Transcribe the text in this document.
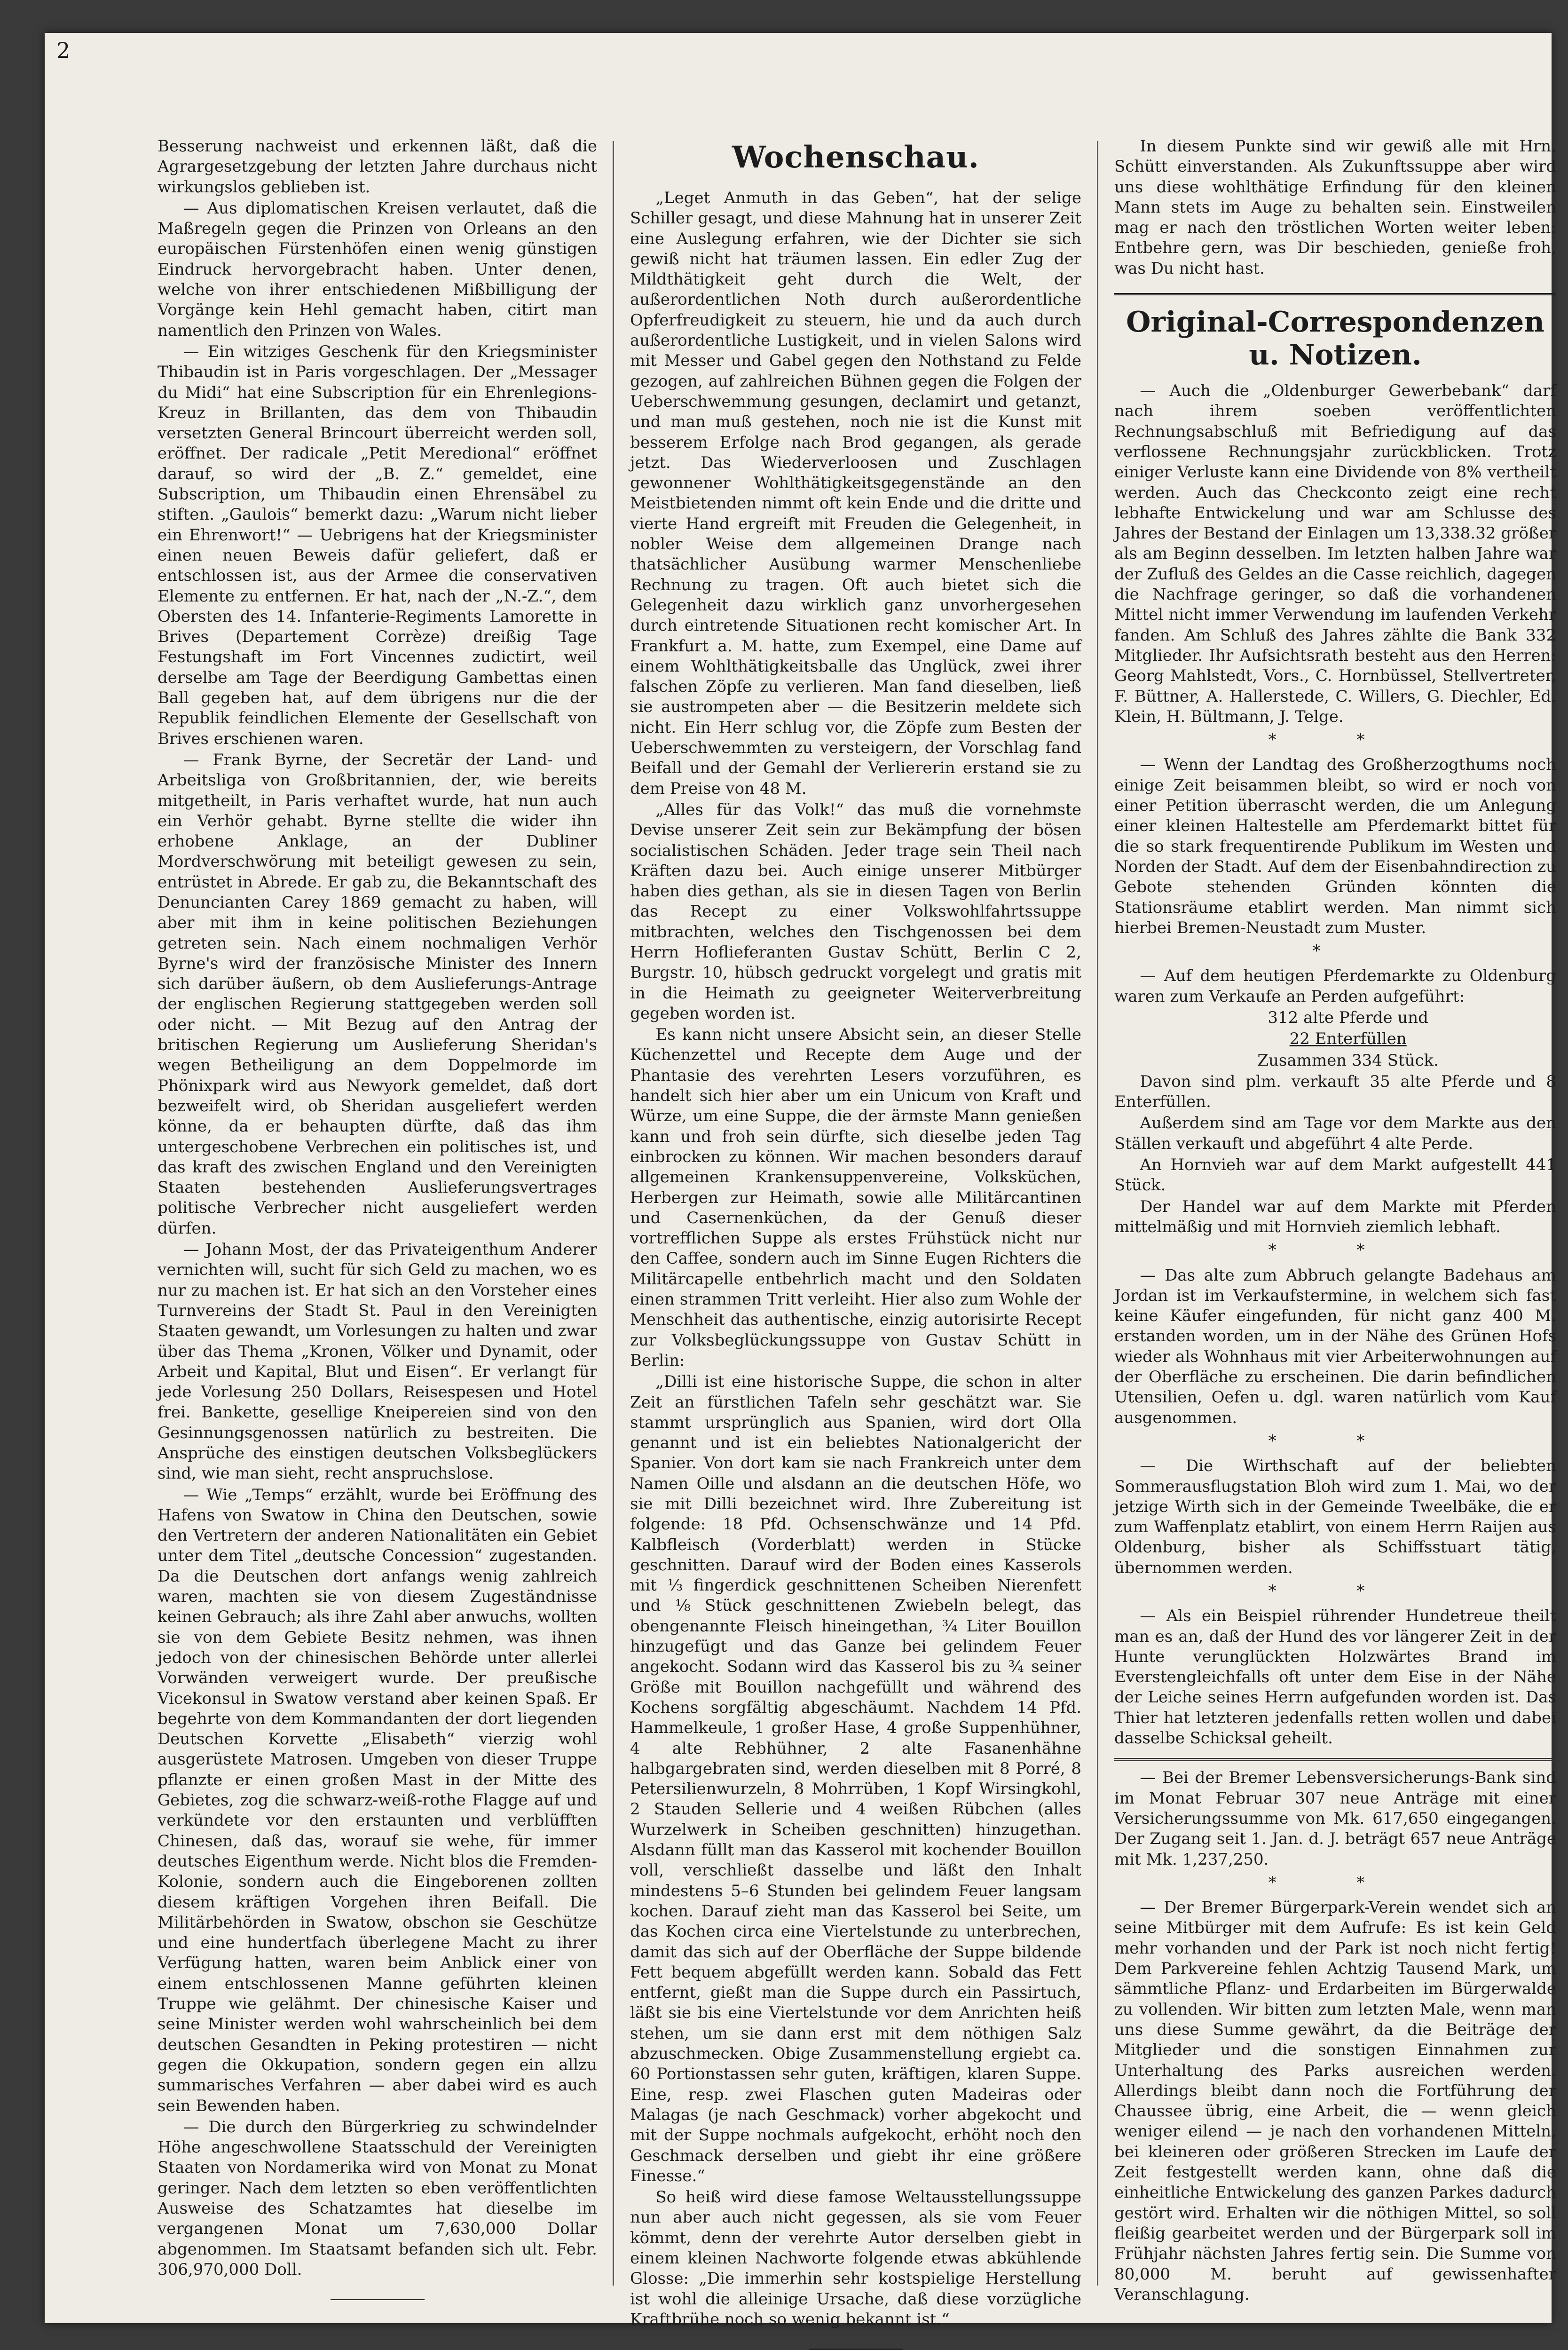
2

Besserung nachweist und erkennen läßt, daß die Agrargesetzgebung der letzten Jahre durchaus nicht wirkungslos geblieben ist.

— Aus diplomatischen Kreisen verlautet, daß die Maßregeln gegen die Prinzen von Orleans an den europäischen Fürstenhöfen einen wenig günstigen Eindruck hervorgebracht haben. Unter denen, welche von ihrer entschiedenen Mißbilligung der Vorgänge kein Hehl gemacht haben, citirt man namentlich den Prinzen von Wales.

— Ein witziges Geschenk für den Kriegsminister Thibaudin ist in Paris vorgeschlagen. Der „Messager du Midi“ hat eine Subscription für ein Ehrenlegions-Kreuz in Brillanten, das dem von Thibaudin versetzten General Brincourt überreicht werden soll, eröffnet. Der radicale „Petit Meredional“ eröffnet darauf, so wird der „B. Z.“ gemeldet, eine Subscription, um Thibaudin einen Ehrensäbel zu stiften. „Gaulois“ bemerkt dazu: „Warum nicht lieber ein Ehrenwort!“ — Uebrigens hat der Kriegsminister einen neuen Beweis dafür geliefert, daß er entschlossen ist, aus der Armee die conservativen Elemente zu entfernen. Er hat, nach der „N.-Z.“, dem Obersten des 14. Infanterie-Regiments Lamorette in Brives (Departement Corrèze) dreißig Tage Festungshaft im Fort Vincennes zudictirt, weil derselbe am Tage der Beerdigung Gambettas einen Ball gegeben hat, auf dem übrigens nur die der Republik feindlichen Elemente der Gesellschaft von Brives erschienen waren.

— Frank Byrne, der Secretär der Land- und Arbeitsliga von Großbritannien, der, wie bereits mitgetheilt, in Paris verhaftet wurde, hat nun auch ein Verhör gehabt. Byrne stellte die wider ihn erhobene Anklage, an der Dubliner Mordverschwörung mit beteiligt gewesen zu sein, entrüstet in Abrede. Er gab zu, die Bekanntschaft des Denuncianten Carey 1869 gemacht zu haben, will aber mit ihm in keine politischen Beziehungen getreten sein. Nach einem nochmaligen Verhör Byrne's wird der französische Minister des Innern sich darüber äußern, ob dem Auslieferungs-Antrage der englischen Regierung stattgegeben werden soll oder nicht. — Mit Bezug auf den Antrag der britischen Regierung um Auslieferung Sheridan's wegen Betheiligung an dem Doppelmorde im Phönixpark wird aus Newyork gemeldet, daß dort bezweifelt wird, ob Sheridan ausgeliefert werden könne, da er behaupten dürfte, daß das ihm untergeschobene Verbrechen ein politisches ist, und das kraft des zwischen England und den Vereinigten Staaten bestehenden Auslieferungsvertrages politische Verbrecher nicht ausgeliefert werden dürfen.

— Johann Most, der das Privateigenthum Anderer vernichten will, sucht für sich Geld zu machen, wo es nur zu machen ist. Er hat sich an den Vorsteher eines Turnvereins der Stadt St. Paul in den Vereinigten Staaten gewandt, um Vorlesungen zu halten und zwar über das Thema „Kronen, Völker und Dynamit, oder Arbeit und Kapital, Blut und Eisen“. Er verlangt für jede Vorlesung 250 Dollars, Reisespesen und Hotel frei. Bankette, gesellige Kneipereien sind von den Gesinnungsgenossen natürlich zu bestreiten. Die Ansprüche des einstigen deutschen Volksbeglückers sind, wie man sieht, recht anspruchslose.

— Wie „Temps“ erzählt, wurde bei Eröffnung des Hafens von Swatow in China den Deutschen, sowie den Vertretern der anderen Nationalitäten ein Gebiet unter dem Titel „deutsche Concession“ zugestanden. Da die Deutschen dort anfangs wenig zahlreich waren, machten sie von diesem Zugeständnisse keinen Gebrauch; als ihre Zahl aber anwuchs, wollten sie von dem Gebiete Besitz nehmen, was ihnen jedoch von der chinesischen Behörde unter allerlei Vorwänden verweigert wurde. Der preußische Vicekonsul in Swatow verstand aber keinen Spaß. Er begehrte von dem Kommandanten der dort liegenden Deutschen Korvette „Elisabeth“ vierzig wohl ausgerüstete Matrosen. Umgeben von dieser Truppe pflanzte er einen großen Mast in der Mitte des Gebietes, zog die schwarz-weiß-rothe Flagge auf und verkündete vor den erstaunten und verblüfften Chinesen, daß das, worauf sie wehe, für immer deutsches Eigenthum werde. Nicht blos die Fremden-Kolonie, sondern auch die Eingeborenen zollten diesem kräftigen Vorgehen ihren Beifall. Die Militärbehörden in Swatow, obschon sie Geschütze und eine hundertfach überlegene Macht zu ihrer Verfügung hatten, waren beim Anblick einer von einem entschlossenen Manne geführten kleinen Truppe wie gelähmt. Der chinesische Kaiser und seine Minister werden wohl wahrscheinlich bei dem deutschen Gesandten in Peking protestiren — nicht gegen die Okkupation, sondern gegen ein allzu summarisches Verfahren — aber dabei wird es auch sein Bewenden haben.

— Die durch den Bürgerkrieg zu schwindelnder Höhe angeschwollene Staatsschuld der Vereinigten Staaten von Nordamerika wird von Monat zu Monat geringer. Nach dem letzten so eben veröffentlichten Ausweise des Schatzamtes hat dieselbe im vergangenen Monat um 7,630,000 Dollar abgenommen. Im Staatsamt befanden sich ult. Febr. 306,970,000 Doll.

Wochenschau.

„Leget Anmuth in das Geben“, hat der selige Schiller gesagt, und diese Mahnung hat in unserer Zeit eine Auslegung erfahren, wie der Dichter sie sich gewiß nicht hat träumen lassen. Ein edler Zug der Mildthätigkeit geht durch die Welt, der außerordentlichen Noth durch außerordentliche Opferfreudigkeit zu steuern, hie und da auch durch außerordentliche Lustigkeit, und in vielen Salons wird mit Messer und Gabel gegen den Nothstand zu Felde gezogen, auf zahlreichen Bühnen gegen die Folgen der Ueberschwemmung gesungen, declamirt und getanzt, und man muß gestehen, noch nie ist die Kunst mit besserem Erfolge nach Brod gegangen, als gerade jetzt. Das Wiederverloosen und Zuschlagen gewonnener Wohlthätigkeitsgegenstände an den Meistbietenden nimmt oft kein Ende und die dritte und vierte Hand ergreift mit Freuden die Gelegenheit, in nobler Weise dem allgemeinen Drange nach thatsächlicher Ausübung warmer Menschenliebe Rechnung zu tragen. Oft auch bietet sich die Gelegenheit dazu wirklich ganz unvorhergesehen durch eintretende Situationen recht komischer Art. In Frankfurt a. M. hatte, zum Exempel, eine Dame auf einem Wohlthätigkeitsballe das Unglück, zwei ihrer falschen Zöpfe zu verlieren. Man fand dieselben, ließ sie austrompeten aber — die Besitzerin meldete sich nicht. Ein Herr schlug vor, die Zöpfe zum Besten der Ueberschwemmten zu versteigern, der Vorschlag fand Beifall und der Gemahl der Verliererin erstand sie zu dem Preise von 48 M.

„Alles für das Volk!“ das muß die vornehmste Devise unserer Zeit sein zur Bekämpfung der bösen socialistischen Schäden. Jeder trage sein Theil nach Kräften dazu bei. Auch einige unserer Mitbürger haben dies gethan, als sie in diesen Tagen von Berlin das Recept zu einer Volkswohlfahrtssuppe mitbrachten, welches den Tischgenossen bei dem Herrn Hoflieferanten Gustav Schütt, Berlin C 2, Burgstr. 10, hübsch gedruckt vorgelegt und gratis mit in die Heimath zu geeigneter Weiterverbreitung gegeben worden ist.

Es kann nicht unsere Absicht sein, an dieser Stelle Küchenzettel und Recepte dem Auge und der Phantasie des verehrten Lesers vorzuführen, es handelt sich hier aber um ein Unicum von Kraft und Würze, um eine Suppe, die der ärmste Mann genießen kann und froh sein dürfte, sich dieselbe jeden Tag einbrocken zu können. Wir machen besonders darauf allgemeinen Krankensuppenvereine, Volksküchen, Herbergen zur Heimath, sowie alle Militärcantinen und Casernenküchen, da der Genuß dieser vortrefflichen Suppe als erstes Frühstück nicht nur den Caffee, sondern auch im Sinne Eugen Richters die Militärcapelle entbehrlich macht und den Soldaten einen strammen Tritt verleiht. Hier also zum Wohle der Menschheit das authentische, einzig autorisirte Recept zur Volksbeglückungssuppe von Gustav Schütt in Berlin:

„Dilli ist eine historische Suppe, die schon in alter Zeit an fürstlichen Tafeln sehr geschätzt war. Sie stammt ursprünglich aus Spanien, wird dort Olla genannt und ist ein beliebtes Nationalgericht der Spanier. Von dort kam sie nach Frankreich unter dem Namen Oille und alsdann an die deutschen Höfe, wo sie mit Dilli bezeichnet wird. Ihre Zubereitung ist folgende: 18 Pfd. Ochsenschwänze und 14 Pfd. Kalbfleisch (Vorderblatt) werden in Stücke geschnitten. Darauf wird der Boden eines Kasserols mit ⅓ fingerdick geschnittenen Scheiben Nierenfett und ⅛ Stück geschnittenen Zwiebeln belegt, das obengenannte Fleisch hineingethan, ¾ Liter Bouillon hinzugefügt und das Ganze bei gelindem Feuer angekocht. Sodann wird das Kasserol bis zu ¾ seiner Größe mit Bouillon nachgefüllt und während des Kochens sorgfältig abgeschäumt. Nachdem 14 Pfd. Hammelkeule, 1 großer Hase, 4 große Suppenhühner, 4 alte Rebhühner, 2 alte Fasanenhähne halbgargebraten sind, werden dieselben mit 8 Porré, 8 Petersilienwurzeln, 8 Mohrrüben, 1 Kopf Wirsingkohl, 2 Stauden Sellerie und 4 weißen Rübchen (alles Wurzelwerk in Scheiben geschnitten) hinzugethan. Alsdann füllt man das Kasserol mit kochender Bouillon voll, verschließt dasselbe und läßt den Inhalt mindestens 5–6 Stunden bei gelindem Feuer langsam kochen. Darauf zieht man das Kasserol bei Seite, um das Kochen circa eine Viertelstunde zu unterbrechen, damit das sich auf der Oberfläche der Suppe bildende Fett bequem abgefüllt werden kann. Sobald das Fett entfernt, gießt man die Suppe durch ein Passirtuch, läßt sie bis eine Viertelstunde vor dem Anrichten heiß stehen, um sie dann erst mit dem nöthigen Salz abzuschmecken. Obige Zusammenstellung ergiebt ca. 60 Portionstassen sehr guten, kräftigen, klaren Suppe. Eine, resp. zwei Flaschen guten Madeiras oder Malagas (je nach Geschmack) vorher abgekocht und mit der Suppe nochmals aufgekocht, erhöht noch den Geschmack derselben und giebt ihr eine größere Finesse.“

So heiß wird diese famose Weltausstellungssuppe nun aber auch nicht gegessen, als sie vom Feuer kömmt, denn der verehrte Autor derselben giebt in einem kleinen Nachworte folgende etwas abkühlende Glosse: „Die immerhin sehr kostspielige Herstellung ist wohl die alleinige Ursache, daß diese vorzügliche Kraftbrühe noch so wenig bekannt ist.“

In diesem Punkte sind wir gewiß alle mit Hrn. Schütt einverstanden. Als Zukunftssuppe aber wird uns diese wohlthätige Erfindung für den kleinen Mann stets im Auge zu behalten sein. Einstweilen mag er nach den tröstlichen Worten weiter leben: Entbehre gern, was Dir beschieden, genieße froh, was Du nicht hast.

Original-Correspondenzen u. Notizen.

— Auch die „Oldenburger Gewerbebank“ darf nach ihrem soeben veröffentlichten Rechnungsabschluß mit Befriedigung auf das verflossene Rechnungsjahr zurückblicken. Trotz einiger Verluste kann eine Dividende von 8% vertheilt werden. Auch das Checkconto zeigt eine recht lebhafte Entwickelung und war am Schlusse des Jahres der Bestand der Einlagen um 13,338.32 größer als am Beginn desselben. Im letzten halben Jahre war der Zufluß des Geldes an die Casse reichlich, dagegen die Nachfrage geringer, so daß die vorhandenen Mittel nicht immer Verwendung im laufenden Verkehr fanden. Am Schluß des Jahres zählte die Bank 332 Mitglieder. Ihr Aufsichtsrath besteht aus den Herren: Georg Mahlstedt, Vors., C. Hornbüssel, Stellvertreter, F. Büttner, A. Hallerstede, C. Willers, G. Diechler, Ed. Klein, H. Bültmann, J. Telge.

* *

— Wenn der Landtag des Großherzogthums noch einige Zeit beisammen bleibt, so wird er noch von einer Petition überrascht werden, die um Anlegung einer kleinen Haltestelle am Pferdemarkt bittet für die so stark frequentirende Publikum im Westen und Norden der Stadt. Auf dem der Eisenbahndirection zu Gebote stehenden Gründen könnten die Stationsräume etablirt werden. Man nimmt sich hierbei Bremen-Neustadt zum Muster.

*

— Auf dem heutigen Pferdemarkte zu Oldenburg waren zum Verkaufe an Perden aufgeführt:

312 alte Pferde und

22 Enterfüllen

Zusammen 334 Stück.

Davon sind plm. verkauft 35 alte Pferde und 8 Enterfüllen.

Außerdem sind am Tage vor dem Markte aus den Ställen verkauft und abgeführt 4 alte Perde.

An Hornvieh war auf dem Markt aufgestellt 441 Stück.

Der Handel war auf dem Markte mit Pferden mittelmäßig und mit Hornvieh ziemlich lebhaft.

* *

— Das alte zum Abbruch gelangte Badehaus am Jordan ist im Verkaufstermine, in welchem sich fast keine Käufer eingefunden, für nicht ganz 400 M. erstanden worden, um in der Nähe des Grünen Hofs wieder als Wohnhaus mit vier Arbeiterwohnungen auf der Oberfläche zu erscheinen. Die darin befindlichen Utensilien, Oefen u. dgl. waren natürlich vom Kauf ausgenommen.

* *

— Die Wirthschaft auf der beliebten Sommerausflugstation Bloh wird zum 1. Mai, wo der jetzige Wirth sich in der Gemeinde Tweelbäke, die er zum Waffenplatz etablirt, von einem Herrn Raijen aus Oldenburg, bisher als Schiffsstuart tätig, übernommen werden.

* *

— Als ein Beispiel rührender Hundetreue theilt man es an, daß der Hund des vor längerer Zeit in der Hunte verunglückten Holzwärtes Brand im Everstengleichfalls oft unter dem Eise in der Nähe der Leiche seines Herrn aufgefunden worden ist. Das Thier hat letzteren jedenfalls retten wollen und dabei dasselbe Schicksal geheilt.

— Bei der Bremer Lebensversicherungs-Bank sind im Monat Februar 307 neue Anträge mit einer Versicherungssumme von Mk. 617,650 eingegangen. Der Zugang seit 1. Jan. d. J. beträgt 657 neue Anträge mit Mk. 1,237,250.

* *

— Der Bremer Bürgerpark-Verein wendet sich an seine Mitbürger mit dem Aufrufe: Es ist kein Geld mehr vorhanden und der Park ist noch nicht fertig! Dem Parkvereine fehlen Achtzig Tausend Mark, um sämmtliche Pflanz- und Erdarbeiten im Bürgerwalde zu vollenden. Wir bitten zum letzten Male, wenn man uns diese Summe gewährt, da die Beiträge der Mitglieder und die sonstigen Einnahmen zur Unterhaltung des Parks ausreichen werden. Allerdings bleibt dann noch die Fortführung der Chaussee übrig, eine Arbeit, die — wenn gleich weniger eilend — je nach den vorhandenen Mitteln, bei kleineren oder größeren Strecken im Laufe der Zeit festgestellt werden kann, ohne daß die einheitliche Entwickelung des ganzen Parkes dadurch gestört wird. Erhalten wir die nöthigen Mittel, so soll fleißig gearbeitet werden und der Bürgerpark soll im Frühjahr nächsten Jahres fertig sein. Die Summe von 80,000 M. beruht auf gewissenhafter Veranschlagung.
